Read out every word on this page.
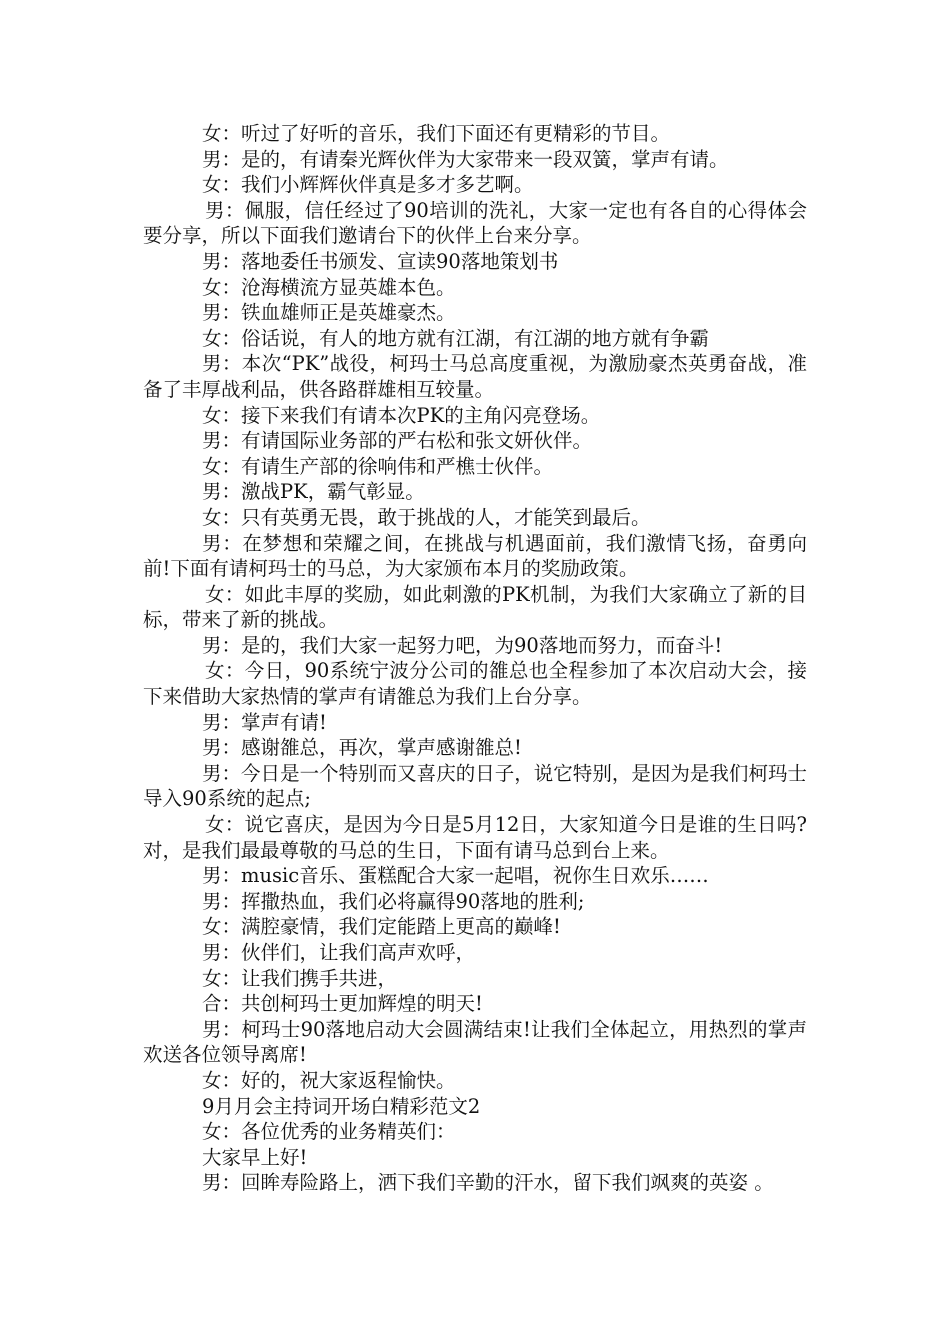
女：听过了好听的音乐，我们下面还有更精彩的节目。

男：是的，有请秦光辉伙伴为大家带来一段双簧，掌声有请。

女：我们小辉辉伙伴真是多才多艺啊。

男：佩服，信任经过了90培训的洗礼，大家一定也有各自的心得体会要分享，所以下面我们邀请台下的伙伴上台来分享。

男：落地委任书颁发、宣读90落地策划书

女：沧海横流方显英雄本色。

男：铁血雄师正是英雄豪杰。

女：俗话说，有人的地方就有江湖，有江湖的地方就有争霸

男：本次“PK”战役，柯玛士马总高度重视，为激励豪杰英勇奋战，准备了丰厚战利品，供各路群雄相互较量。

女：接下来我们有请本次PK的主角闪亮登场。

男：有请国际业务部的严右松和张文妍伙伴。

女：有请生产部的徐响伟和严樵士伙伴。

男：激战PK，霸气彰显。

女：只有英勇无畏，敢于挑战的人，才能笑到最后。

男：在梦想和荣耀之间，在挑战与机遇面前，我们激情飞扬，奋勇向前!下面有请柯玛士的马总，为大家颁布本月的奖励政策。

女：如此丰厚的奖励，如此刺激的PK机制，为我们大家确立了新的目标，带来了新的挑战。

男：是的，我们大家一起努力吧，为90落地而努力，而奋斗!

女：今日，90系统宁波分公司的雒总也全程参加了本次启动大会，接下来借助大家热情的掌声有请雒总为我们上台分享。

男：掌声有请!

男：感谢雒总，再次，掌声感谢雒总!

男：今日是一个特别而又喜庆的日子，说它特别，是因为是我们柯玛士导入90系统的起点;

女：说它喜庆，是因为今日是5月12日，大家知道今日是谁的生日吗?对，是我们最最尊敬的马总的生日，下面有请马总到台上来。

男：music音乐、蛋糕配合大家一起唱，祝你生日欢乐……

男：挥撒热血，我们必将赢得90落地的胜利;

女：满腔豪情，我们定能踏上更高的巅峰!

男：伙伴们，让我们高声欢呼，

女：让我们携手共进，

合：共创柯玛士更加辉煌的明天!

男：柯玛士90落地启动大会圆满结束!让我们全体起立，用热烈的掌声欢送各位领导离席!

女：好的，祝大家返程愉快。

9月月会主持词开场白精彩范文2

女：各位优秀的业务精英们：

大家早上好!

男：回眸寿险路上，洒下我们辛勤的汗水，留下我们飒爽的英姿 。
